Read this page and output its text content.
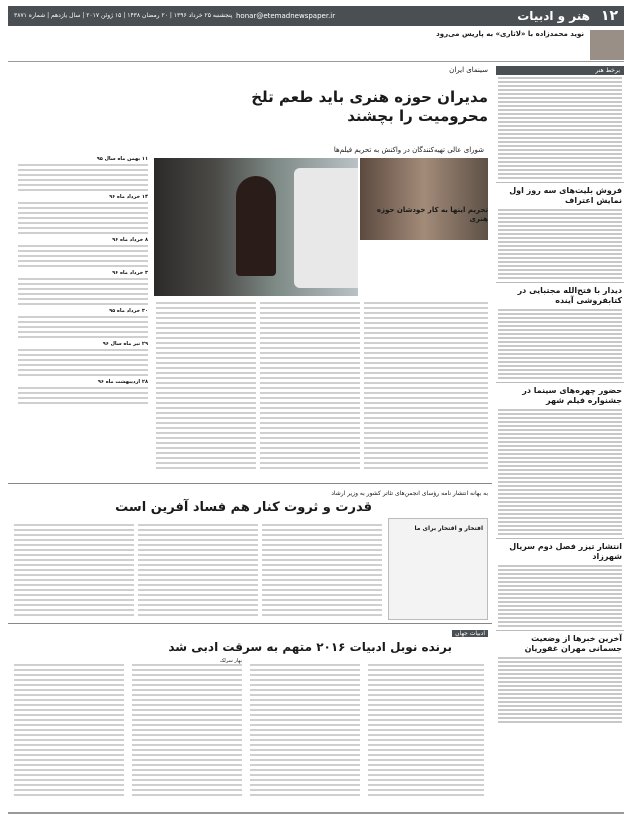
۱۲
هنر و ادبیات
honar@etemadnewspaper.ir
پنجشنبه ۲۵ خرداد ۱۳۹۶ | ۲۰ رمضان ۱۴۳۸ | ۱۵ ژوئن ۲۰۱۷ | سال یازدهم | شماره ۳۸۷۱
نوید محمدزاده با «لاتاری» به پاریس می‌رود
سینمای ایران
مدیران حوزه هنری باید طعم تلخ محرومیت را بچشند
شورای عالی تهیه‌کنندگان در واکنش به تحریم فیلم‌ها
تحریم اینها به کار خودشان حوزه هنری
۱۱ بهمن ماه سال ۹۵
۱۴ خرداد ماه ۹۶
۸ خرداد ماه ۹۶
۳ خرداد ماه ۹۶
۳۰ خرداد ماه ۹۵
۲۹ تیر ماه سال ۹۶
۲۸ اردیبهشت ماه ۹۶
به بهانه انتشار نامه رؤسای انجمن‌های تئاتر کشور به وزیر ارشاد
قدرت و ثروت کنار هم فساد آفرین است
افتخار و اقتخار برای ما
ادبیات جهان
برنده نوبل ادبیات ۲۰۱۶ متهم به سرقت ادبی شد
بهار سرلک
برخط هنر
فروش بلیت‌های سه روز اول نمایش اعتراف
دیدار با فتح‌الله مجتبایی در کتابفروشی آینده
حضور چهره‌های سینما در جشنواره فیلم شهر
انتشار تیزر فصل دوم سریال شهرزاد
آخرین خبرها از وضعیت جسمانی مهران غفوریان
